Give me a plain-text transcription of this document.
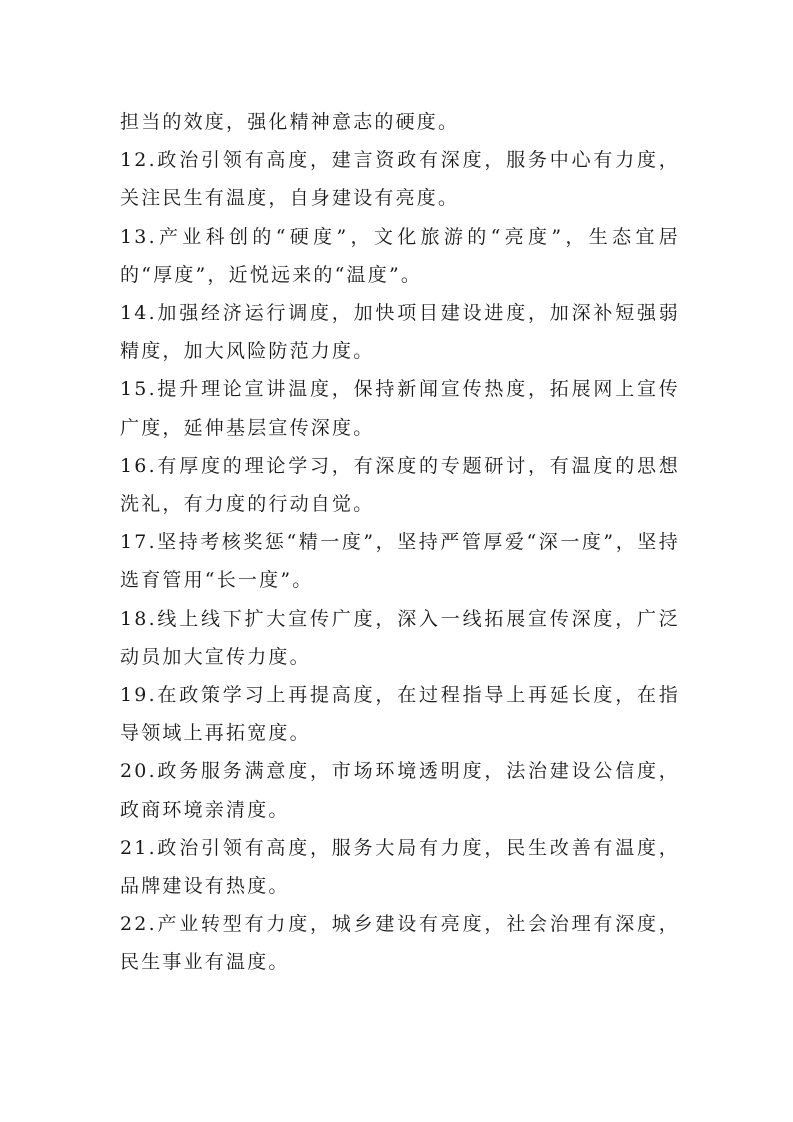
担当的效度，强化精神意志的硬度。

12.政治引领有高度，建言资政有深度，服务中心有力度，关注民生有温度，自身建设有亮度。

13.产业科创的“硬度”，文化旅游的“亮度”，生态宜居的“厚度”，近悦远来的“温度”。

14.加强经济运行调度，加快项目建设进度，加深补短强弱精度，加大风险防范力度。

15.提升理论宣讲温度，保持新闻宣传热度，拓展网上宣传广度，延伸基层宣传深度。

16.有厚度的理论学习，有深度的专题研讨，有温度的思想洗礼，有力度的行动自觉。

17.坚持考核奖惩“精一度”，坚持严管厚爱“深一度”，坚持选育管用“长一度”。

18.线上线下扩大宣传广度，深入一线拓展宣传深度，广泛动员加大宣传力度。

19.在政策学习上再提高度，在过程指导上再延长度，在指导领域上再拓宽度。

20.政务服务满意度，市场环境透明度，法治建设公信度，政商环境亲清度。

21.政治引领有高度，服务大局有力度，民生改善有温度，品牌建设有热度。

22.产业转型有力度，城乡建设有亮度，社会治理有深度，民生事业有温度。
